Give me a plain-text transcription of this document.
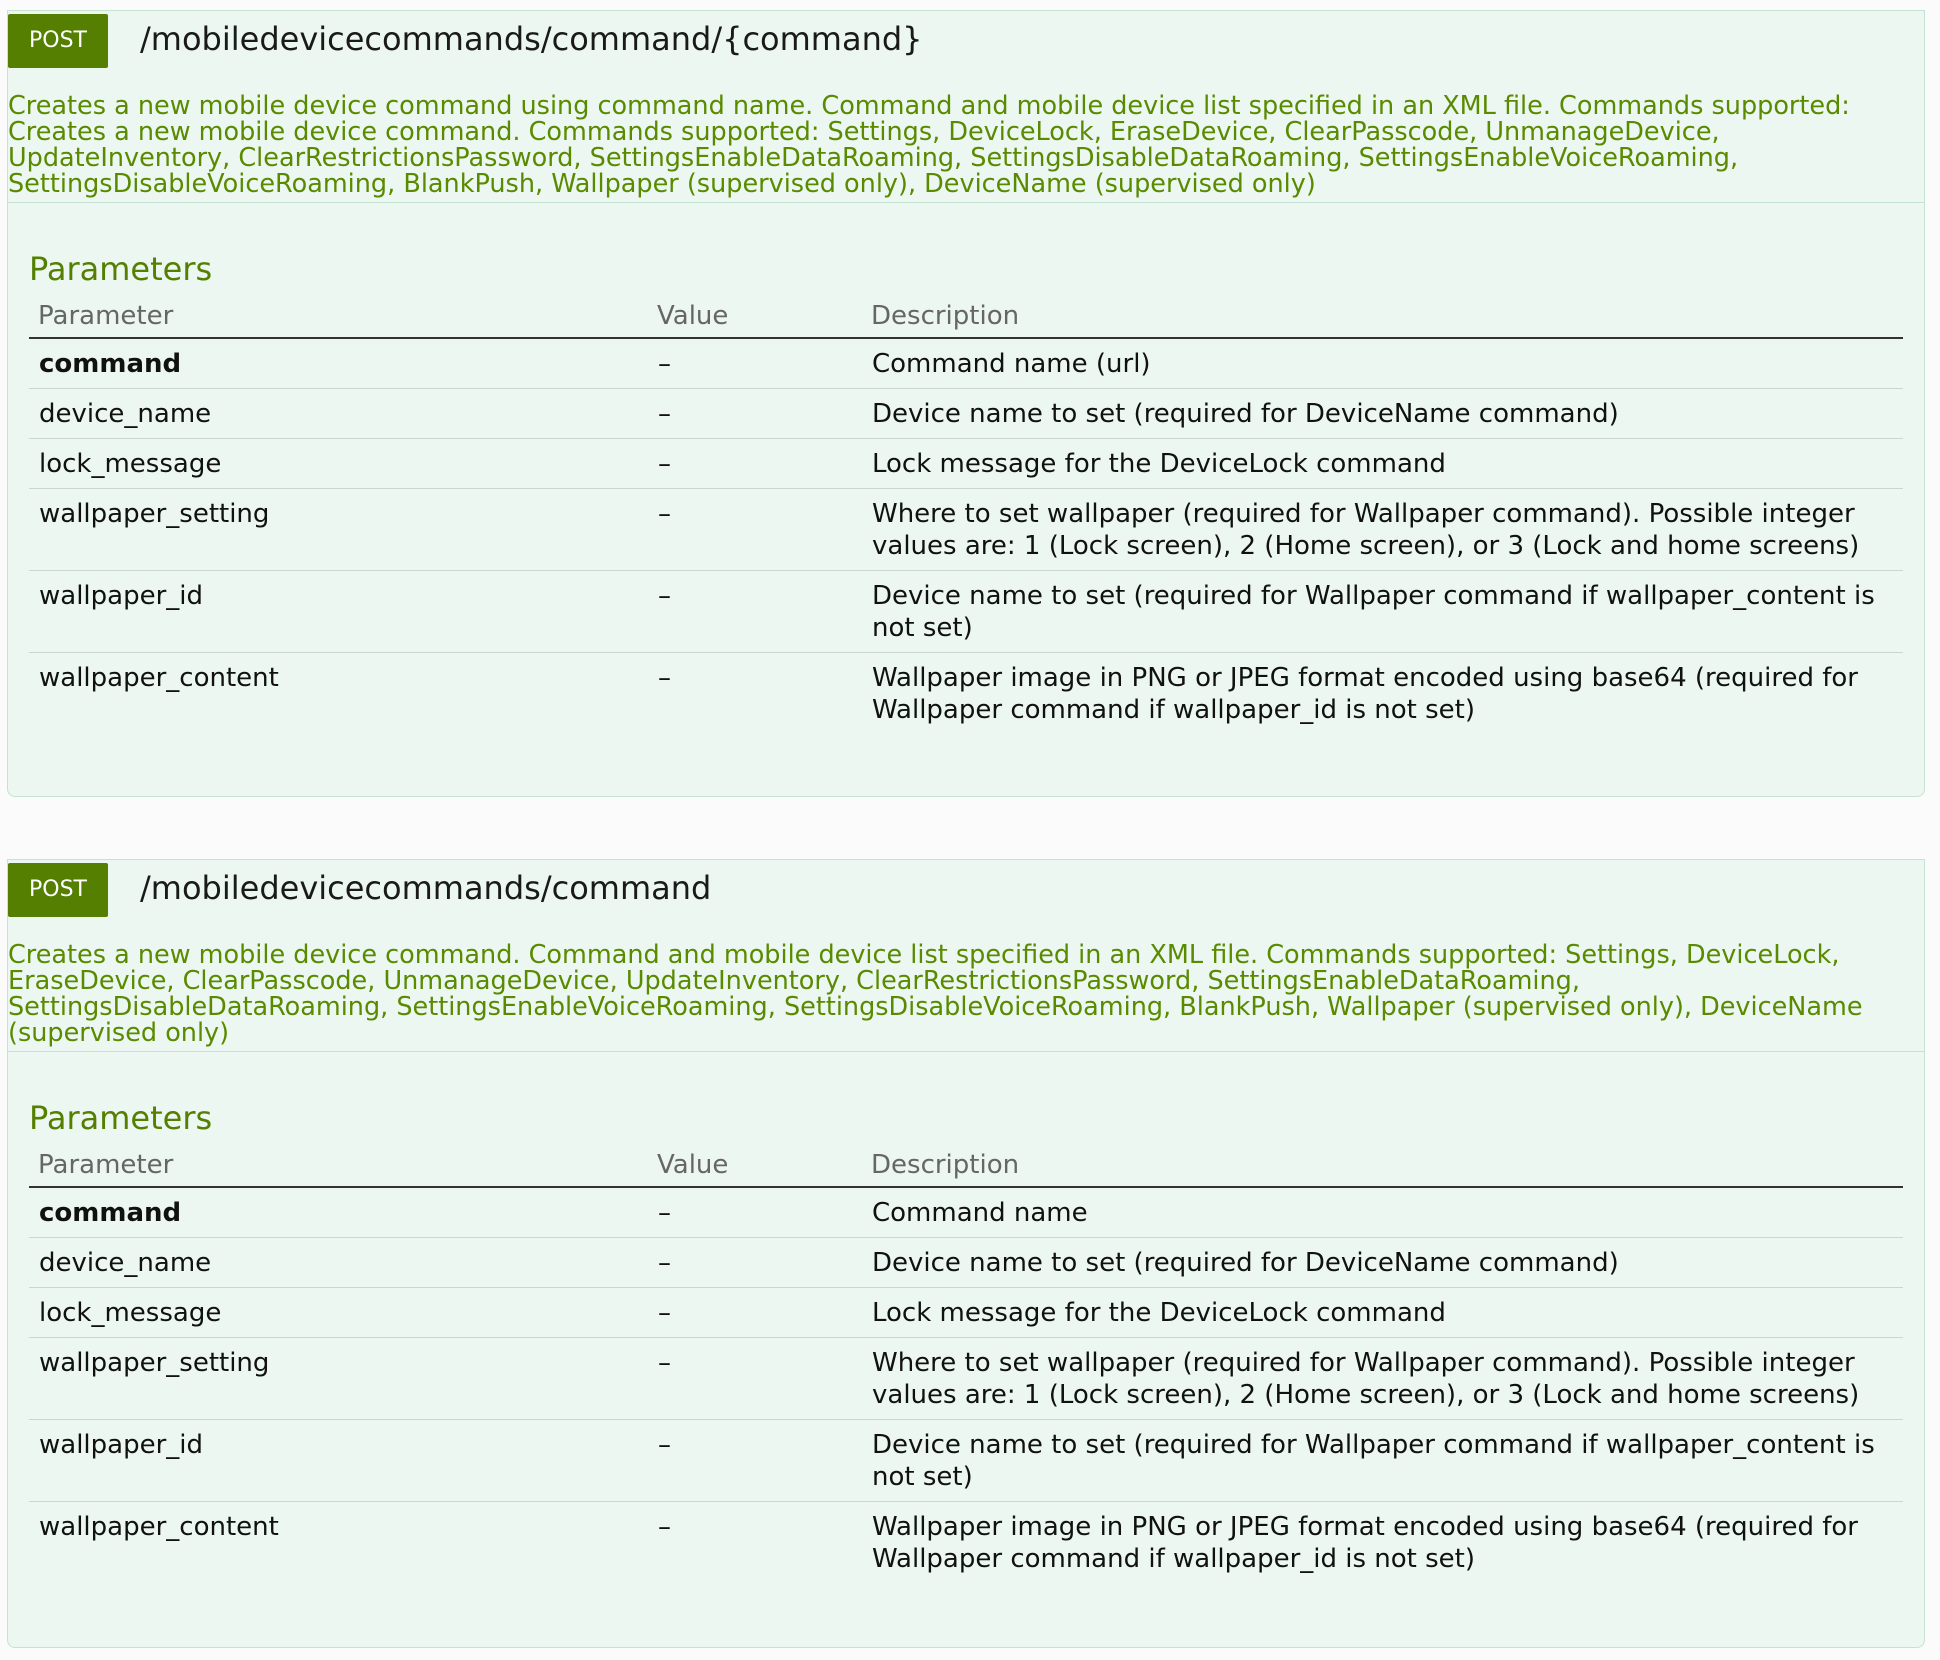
POST	/mobiledevicecommands/command/{command}
Creates a new mobile device command using command name. Command and mobile device list specified in an XML file. Commands supported: Creates a new mobile device command. Commands supported: Settings, DeviceLock, EraseDevice, ClearPasscode, UnmanageDevice, UpdateInventory, ClearRestrictionsPassword, SettingsEnableDataRoaming, SettingsDisableDataRoaming, SettingsEnableVoiceRoaming, SettingsDisableVoiceRoaming, BlankPush, Wallpaper (supervised only), DeviceName (supervised only)
Parameters
Parameter	Value	Description
command	–	Command name (url)
device_name	–	Device name to set (required for DeviceName command)
lock_message	–	Lock message for the DeviceLock command
wallpaper_setting	–	Where to set wallpaper (required for Wallpaper command). Possible integer values are: 1 (Lock screen), 2 (Home screen), or 3 (Lock and home screens)
wallpaper_id	–	Device name to set (required for Wallpaper command if wallpaper_content is not set)
wallpaper_content	–	Wallpaper image in PNG or JPEG format encoded using base64 (required for Wallpaper command if wallpaper_id is not set)
POST	/mobiledevicecommands/command
Creates a new mobile device command. Command and mobile device list specified in an XML file. Commands supported: Settings, DeviceLock, EraseDevice, ClearPasscode, UnmanageDevice, UpdateInventory, ClearRestrictionsPassword, SettingsEnableDataRoaming, SettingsDisableDataRoaming, SettingsEnableVoiceRoaming, SettingsDisableVoiceRoaming, BlankPush, Wallpaper (supervised only), DeviceName (supervised only)
Parameters
Parameter	Value	Description
command	–	Command name
device_name	–	Device name to set (required for DeviceName command)
lock_message	–	Lock message for the DeviceLock command
wallpaper_setting	–	Where to set wallpaper (required for Wallpaper command). Possible integer values are: 1 (Lock screen), 2 (Home screen), or 3 (Lock and home screens)
wallpaper_id	–	Device name to set (required for Wallpaper command if wallpaper_content is not set)
wallpaper_content	–	Wallpaper image in PNG or JPEG format encoded using base64 (required for Wallpaper command if wallpaper_id is not set)
